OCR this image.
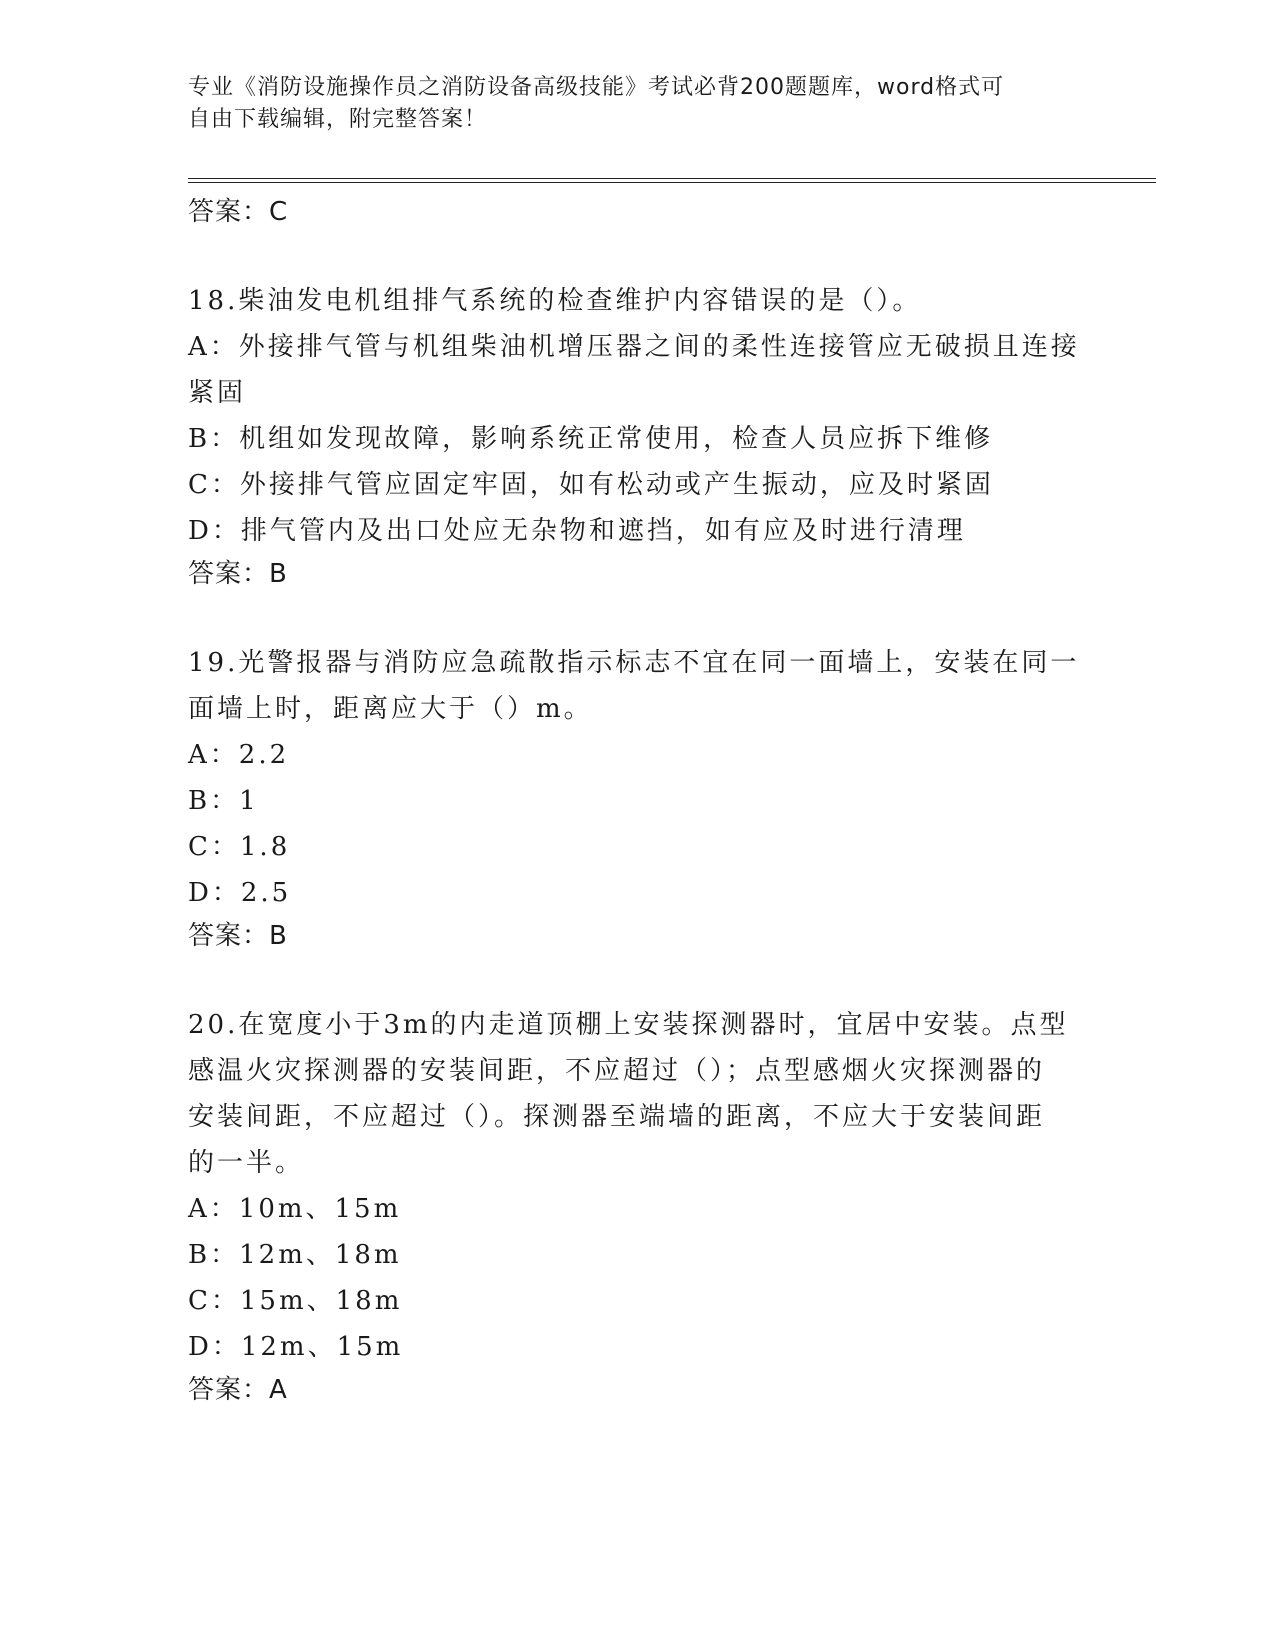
专业《消防设施操作员之消防设备高级技能》考试必背200题题库，word格式可
自由下载编辑，附完整答案！
答案：C
18.柴油发电机组排气系统的检查维护内容错误的是（）。
A：外接排气管与机组柴油机增压器之间的柔性连接管应无破损且连接
紧固
B：机组如发现故障，影响系统正常使用，检查人员应拆下维修
C：外接排气管应固定牢固，如有松动或产生振动，应及时紧固
D：排气管内及出口处应无杂物和遮挡，如有应及时进行清理
答案：B
19.光警报器与消防应急疏散指示标志不宜在同一面墙上，安装在同一
面墙上时，距离应大于（）m。
A：2.2
B：1
C：1.8
D：2.5
答案：B
20.在宽度小于3m的内走道顶棚上安装探测器时，宜居中安装。点型
感温火灾探测器的安装间距，不应超过（）；点型感烟火灾探测器的
安装间距，不应超过（）。探测器至端墙的距离，不应大于安装间距
的一半。
A：10m、15m
B：12m、18m
C：15m、18m
D：12m、15m
答案：A
